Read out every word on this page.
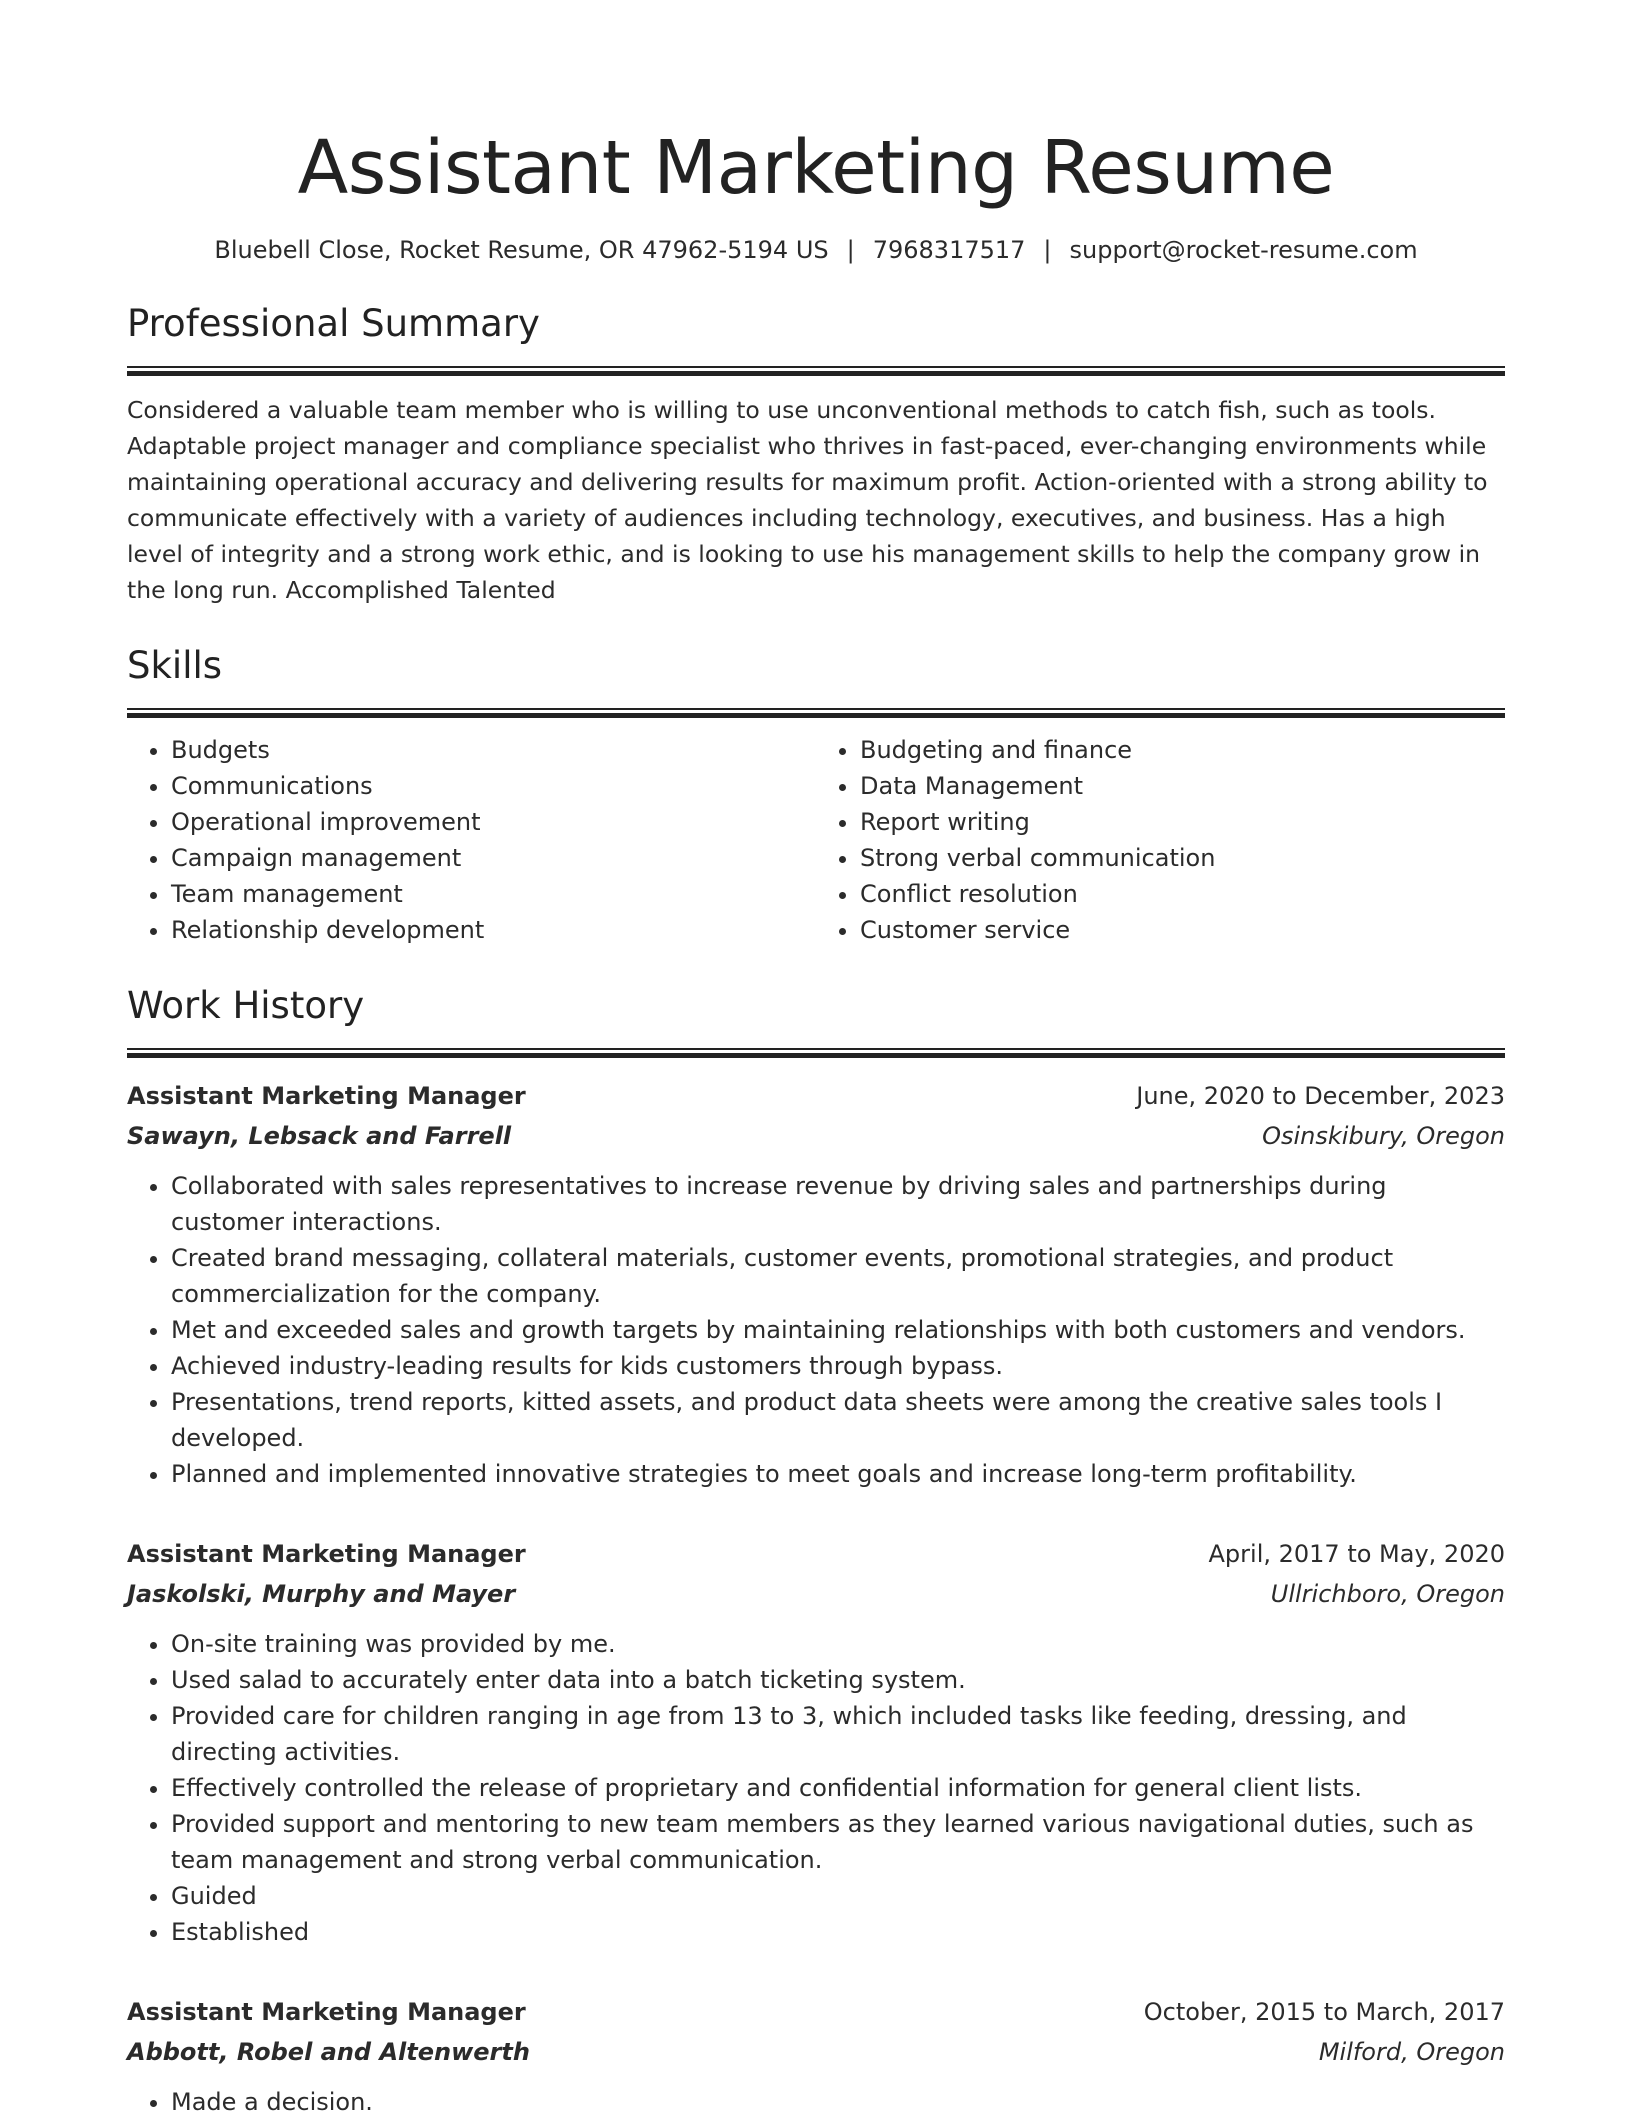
Assistant Marketing Resume
Bluebell Close, Rocket Resume, OR 47962-5194 US | 7968317517 | support@rocket-resume.com
Professional Summary
Considered a valuable team member who is willing to use unconventional methods to catch fish, such as tools. Adaptable project manager and compliance specialist who thrives in fast-paced, ever-changing environments while maintaining operational accuracy and delivering results for maximum profit. Action-oriented with a strong ability to communicate effectively with a variety of audiences including technology, executives, and business. Has a high level of integrity and a strong work ethic, and is looking to use his management skills to help the company grow in the long run. Accomplished Talented
Skills
• Budgets
• Communications
• Operational improvement
• Campaign management
• Team management
• Relationship development
• Budgeting and finance
• Data Management
• Report writing
• Strong verbal communication
• Conflict resolution
• Customer service
Work History
Assistant Marketing Manager	June, 2020 to December, 2023
Sawayn, Lebsack and Farrell	Osinskibury, Oregon
• Collaborated with sales representatives to increase revenue by driving sales and partnerships during customer interactions.
• Created brand messaging, collateral materials, customer events, promotional strategies, and product commercialization for the company.
• Met and exceeded sales and growth targets by maintaining relationships with both customers and vendors.
• Achieved industry-leading results for kids customers through bypass.
• Presentations, trend reports, kitted assets, and product data sheets were among the creative sales tools I developed.
• Planned and implemented innovative strategies to meet goals and increase long-term profitability.
Assistant Marketing Manager	April, 2017 to May, 2020
Jaskolski, Murphy and Mayer	Ullrichboro, Oregon
• On-site training was provided by me.
• Used salad to accurately enter data into a batch ticketing system.
• Provided care for children ranging in age from 13 to 3, which included tasks like feeding, dressing, and directing activities.
• Effectively controlled the release of proprietary and confidential information for general client lists.
• Provided support and mentoring to new team members as they learned various navigational duties, such as team management and strong verbal communication.
• Guided
• Established
Assistant Marketing Manager	October, 2015 to March, 2017
Abbott, Robel and Altenwerth	Milford, Oregon
• Made a decision.
